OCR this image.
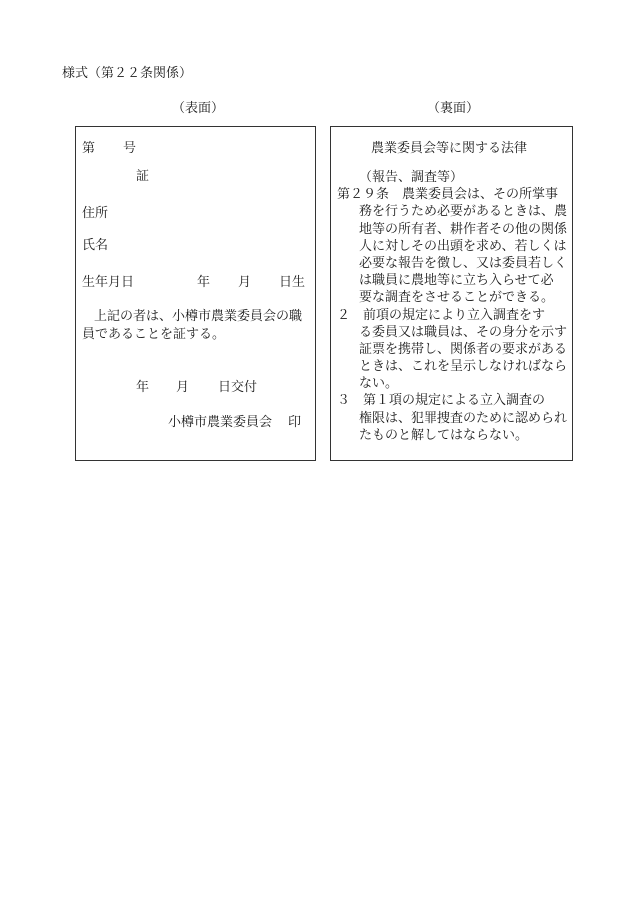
様式（第２２条関係）
（表面）	（裏面）
第 号
証
住所
氏名
生年月日	年 月 日生
上記の者は、小樽市農業委員会の職
員であることを証する。
年 月 日交付
小樽市農業委員会 印
農業委員会等に関する法律
（報告、調査等）
第２９条　農業委員会は、その所掌事
務を行うため必要があるときは、農
地等の所有者、耕作者その他の関係
人に対しその出頭を求め、若しくは
必要な報告を徴し、又は委員若しく
は職員に農地等に立ち入らせて必
要な調査をさせることができる。
２　前項の規定により立入調査をす
る委員又は職員は、その身分を示す
証票を携帯し、関係者の要求がある
ときは、これを呈示しなければなら
ない。
３　第１項の規定による立入調査の
権限は、犯罪捜査のために認められ
たものと解してはならない。
